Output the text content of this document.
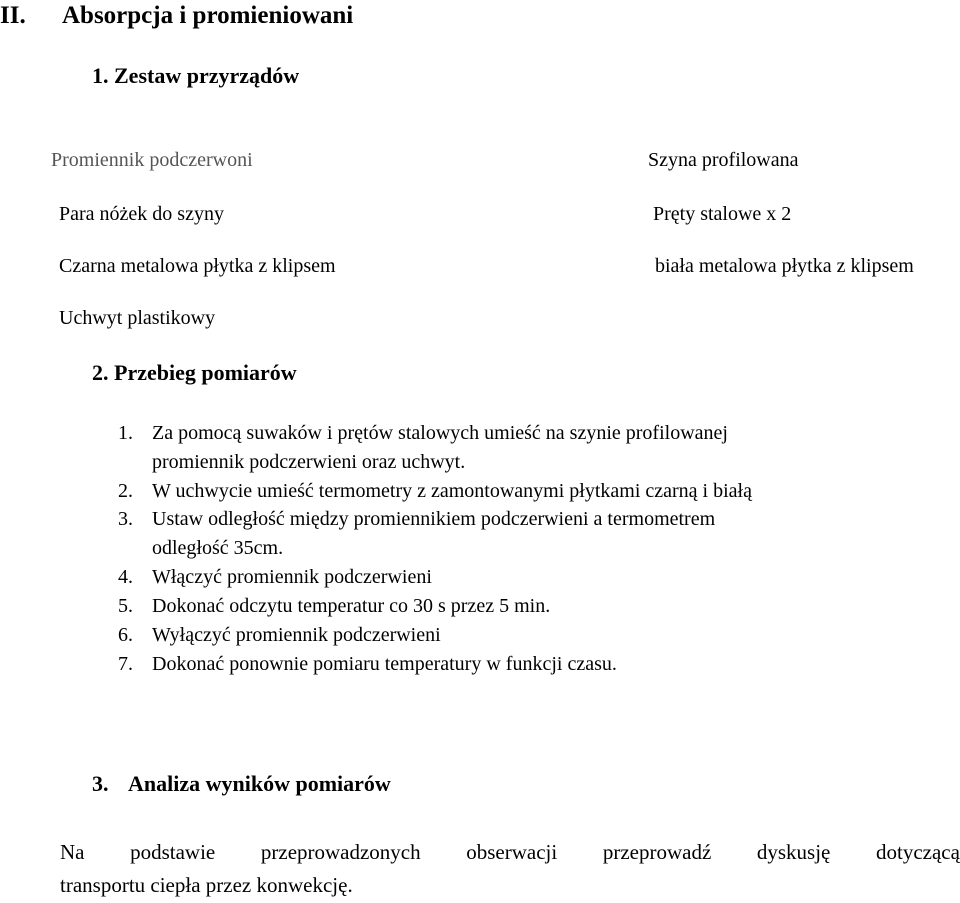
II. Absorpcja i promieniowani
1. Zestaw przyrządów
Promiennik podczerwoni	Szyna profilowana
Para nóżek do szyny	Pręty stalowe x 2
Czarna metalowa płytka z klipsem	biała metalowa płytka z klipsem
Uchwyt plastikowy
2. Przebieg pomiarów
1. Za pomocą suwaków i prętów stalowych umieść na szynie profilowanej
promiennik podczerwieni oraz uchwyt.
2. W uchwycie umieść termometry z zamontowanymi płytkami czarną i białą
3. Ustaw odległość między promiennikiem podczerwieni a termometrem
odległość 35cm.
4. Włączyć promiennik podczerwieni
5. Dokonać odczytu temperatur co 30 s przez 5 min.
6. Wyłączyć promiennik podczerwieni
7. Dokonać ponownie pomiaru temperatury w funkcji czasu.
3. Analiza wyników pomiarów
Na podstawie przeprowadzonych obserwacji przeprowadź dyskusję dotyczącą
transportu ciepła przez konwekcję.
